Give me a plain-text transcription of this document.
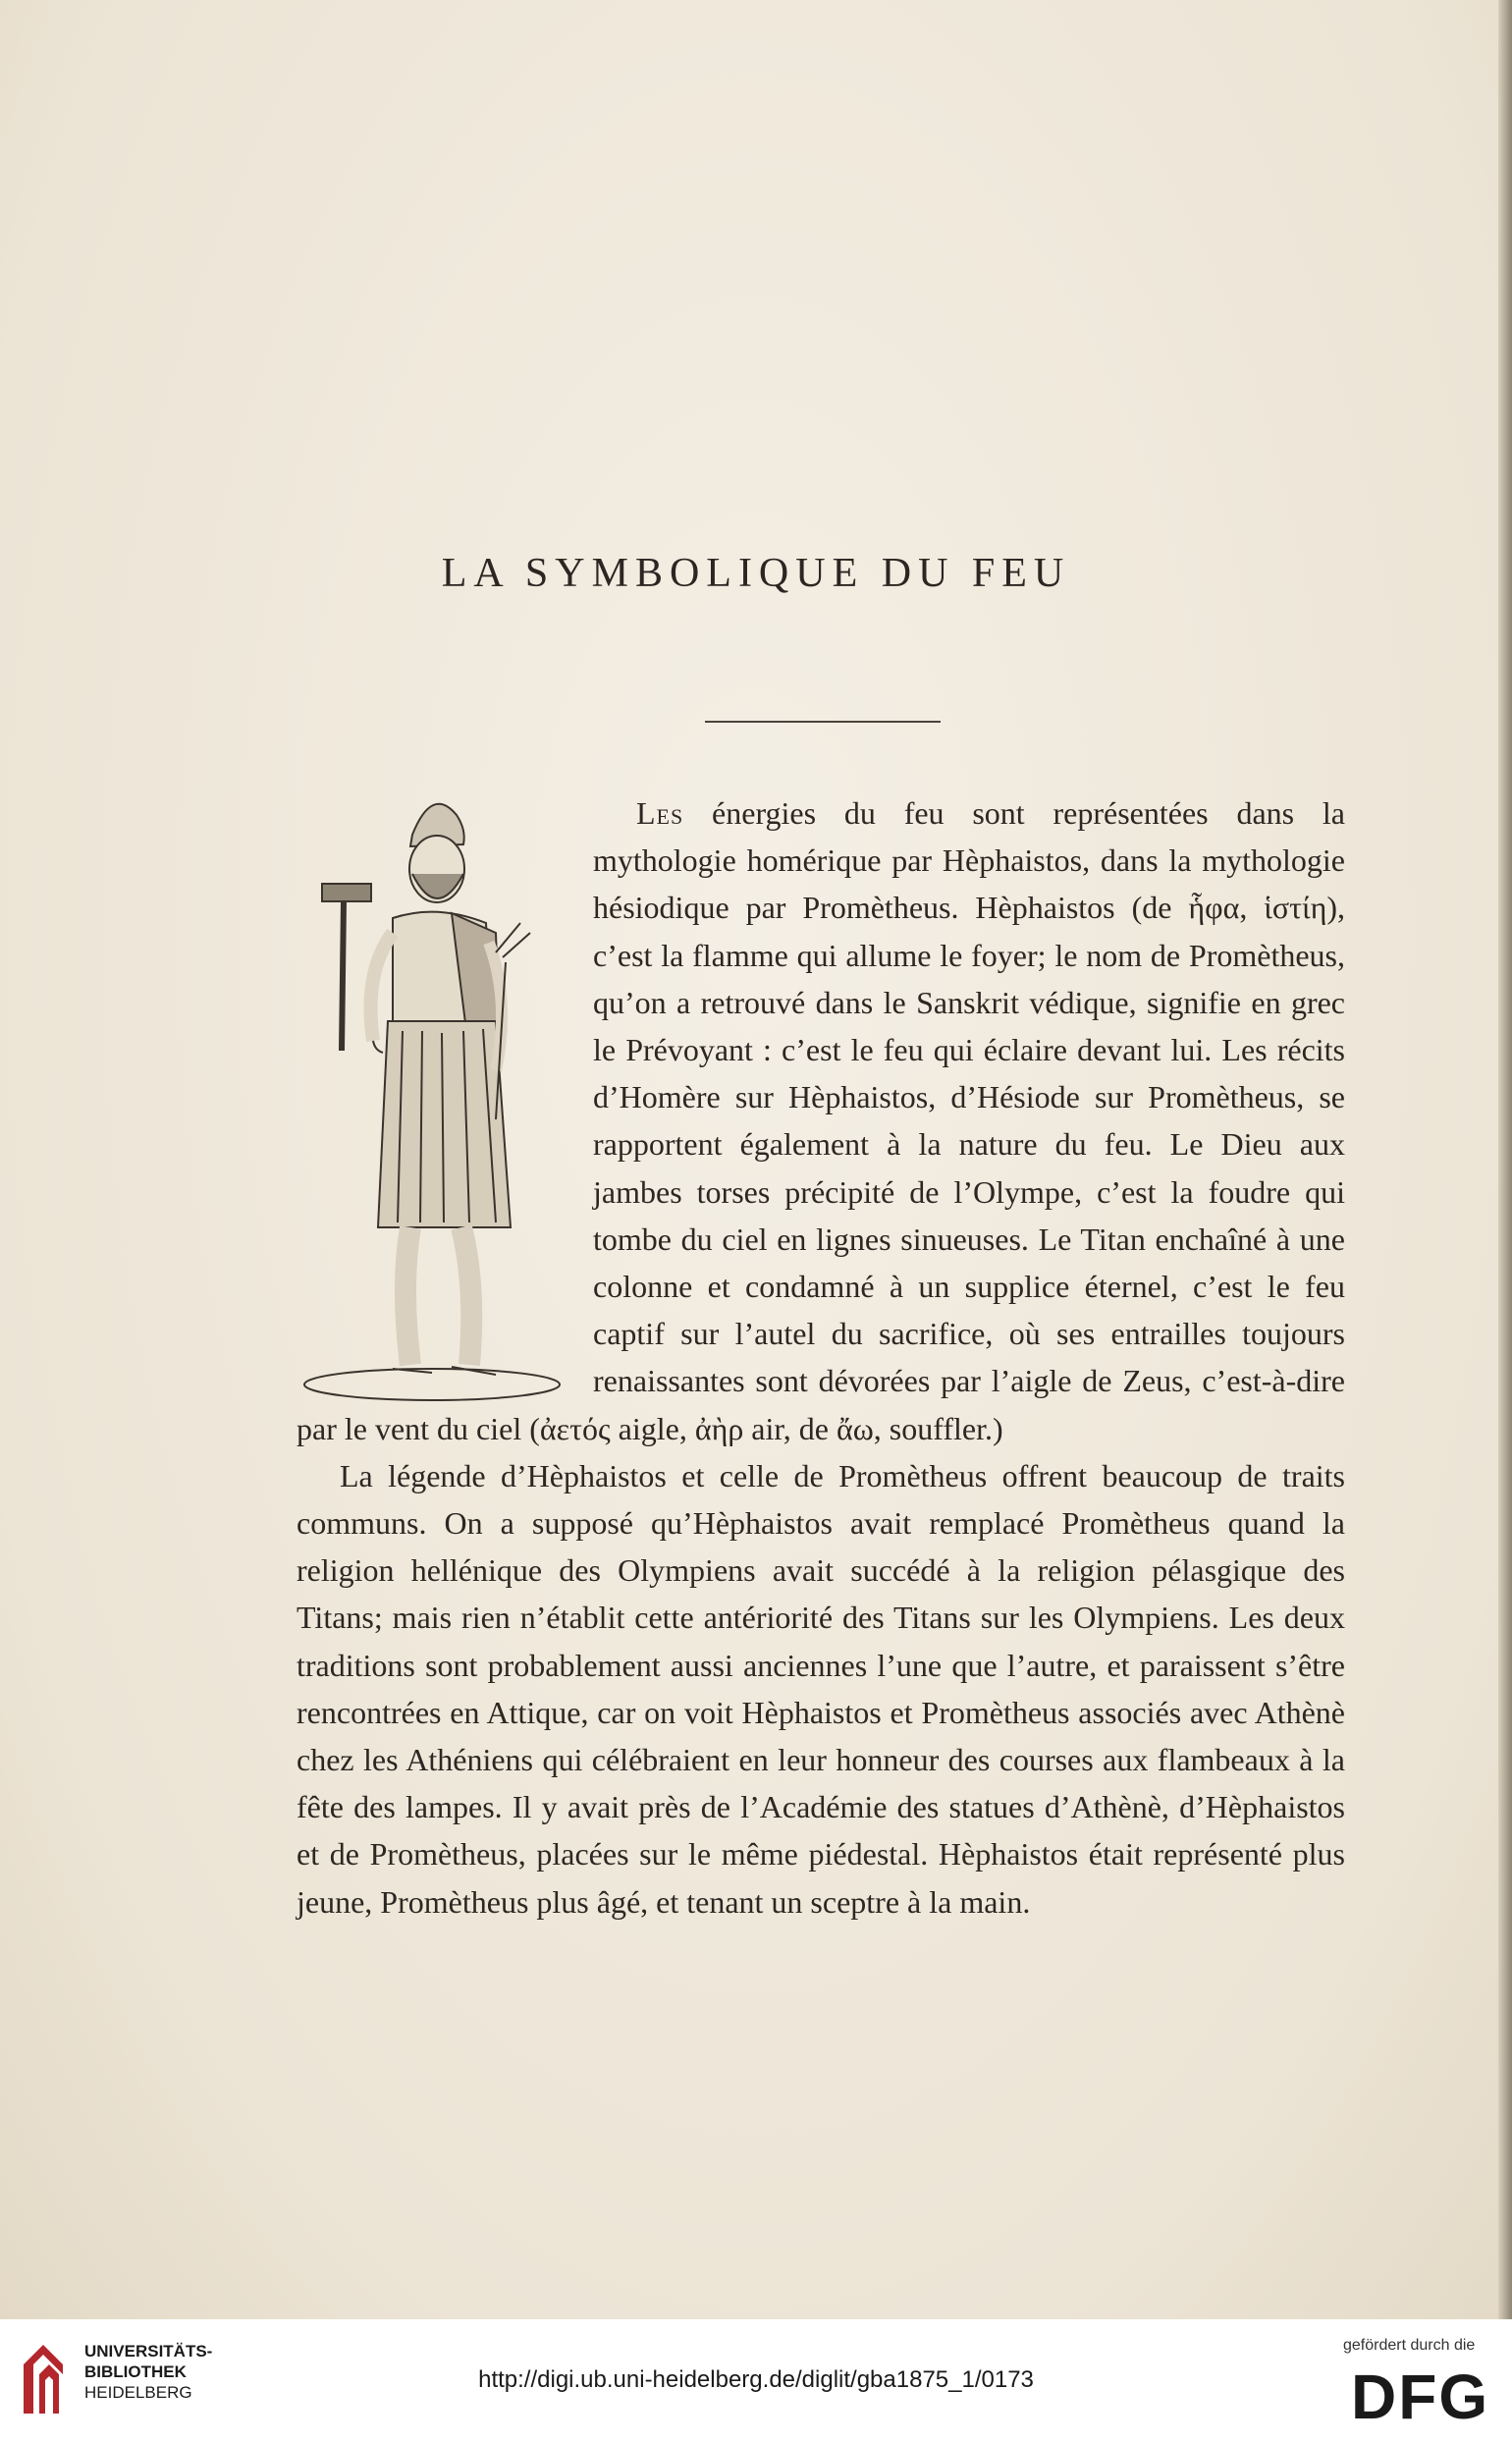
LA SYMBOLIQUE DU FEU

Les énergies du feu sont représentées dans la mythologie homérique par Hèphaistos, dans la mythologie hésiodique par Promètheus. Hèphaistos (de ἧφα, ἱστίη), c’est la flamme qui allume le foyer; le nom de Promètheus, qu’on a retrouvé dans le Sanskrit védique, signifie en grec le Prévoyant : c’est le feu qui éclaire devant lui. Les récits d’Homère sur Hèphaistos, d’Hésiode sur Promètheus, se rapportent également à la nature du feu. Le Dieu aux jambes torses précipité de l’Olympe, c’est la foudre qui tombe du ciel en lignes sinueuses. Le Titan enchaîné à une colonne et condamné à un supplice éternel, c’est le feu captif sur l’autel du sacrifice, où ses entrailles toujours renaissantes sont dévorées par l’aigle de Zeus, c’est-à-dire par le vent du ciel (ἀετός aigle, ἀὴρ air, de ἄω, souffler.)

La légende d’Hèphaistos et celle de Promètheus offrent beaucoup de traits communs. On a supposé qu’Hèphaistos avait remplacé Promètheus quand la religion hellénique des Olympiens avait succédé à la religion pélasgique des Titans; mais rien n’établit cette antériorité des Titans sur les Olympiens. Les deux traditions sont probablement aussi anciennes l’une que l’autre, et paraissent s’être rencontrées en Attique, car on voit Hèphaistos et Promètheus associés avec Athènè chez les Athéniens qui célébraient en leur honneur des courses aux flambeaux à la fête des lampes. Il y avait près de l’Académie des statues d’Athènè, d’Hèphaistos et de Promètheus, placées sur le même piédestal. Hèphaistos était représenté plus jeune, Promètheus plus âgé, et tenant un sceptre à la main.

UNIVERSITÄTS-
BIBLIOTHEK
HEIDELBERG	http://digi.ub.uni-heidelberg.de/diglit/gba1875_1/0173
gefördert durch die
DFG
